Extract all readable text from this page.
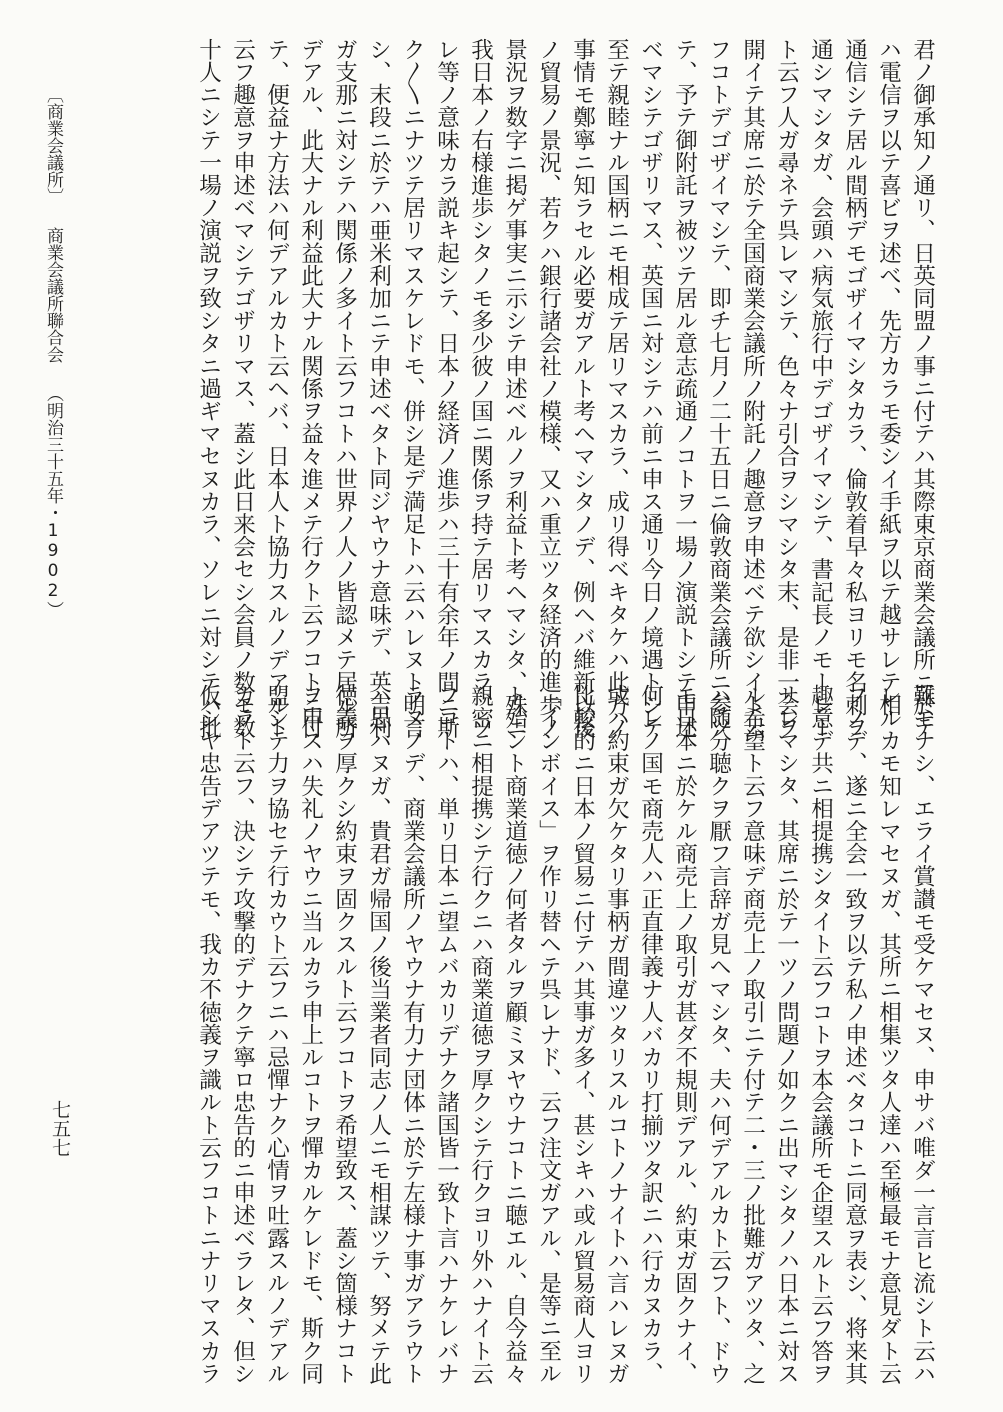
〔商業会議所〕商業会議所聯合会（明治三十五年・1902）
七五七
君ノ御承知ノ通リ、日英同盟ノ事ニ付テハ其際東京商業会議所ニ於テ
ハ電信ヲ以テ喜ビヲ述べ、先方カラモ委シイ手紙ヲ以テ越サレテ相
通信シテ居ル間柄デモゴザイマシタカラ、倫敦着早々私ヨリモ名刺ヲ
通シマシタガ、会頭ハ病気旅行中デゴザイマシテ、書記長ノモーレー
ト云フ人ガ尋ネテ呉レマシテ、色々ナ引合ヲシマシタ末、是非一会ヲ
開イテ其席ニ於テ全国商業会議所ノ附託ノ趣意ヲ申述ベテ欲シイト云
フコトデゴザイマシテ、即チ七月ノ二十五日ニ倫敦商業会議所ニ参ツ
テ、予テ御附託ヲ被ツテ居ル意志疏通ノコトヲ一場ノ演説トシテ申述
ベマシテゴザリマス、英国ニ対シテハ前ニ申ス通リ今日ノ境遇トシテ
至テ親睦ナル国柄ニモ相成テ居リマスカラ、成リ得ベキタケハ此方ノ
事情モ鄭寧ニ知ラセル必要ガアルト考ヘマシタノデ、例ヘバ維新以後
ノ貿易ノ景況、若クハ銀行諸会社ノ模様、又ハ重立ツタ経済的進歩ノ
景況ヲ数字ニ掲ゲ事実ニ示シテ申述ベルノヲ利益ト考ヘマシタ、殊ニ
我日本ノ右様進歩シタノモ多少彼ノ国ニ関係ヲ持テ居リマスカラ、ソ
レ等ノ意味カラ説キ起シテ、日本ノ経済ノ進歩ハ三十有余年ノ間ニ斯
ク〳〵ニナツテ居リマスケレドモ、併シ是デ満足トハ云ハレヌト明言
シ、末段ニ於テハ亜米利加ニテ申述ベタト同ジヤウナ意味デ、英吉利
ガ支那ニ対シテハ関係ノ多イト云フコトハ世界ノ人ノ皆認メテ居ル所
デアル、此大ナル利益此大ナル関係ヲ益々進メテ行クト云フコトニ付
テ、便益ナ方法ハ何デアルカト云ヘバ、日本人ト協力スルノデアルト
云フ趣意ヲ申述ベマシテゴザリマス、蓋シ此日来会セシ会員ノ数モ数
十人ニシテ一場ノ演説ヲ致シタニ過ギマセヌカラ、ソレニ対シテハ批
難モナシ、エライ賞讃モ受ケマセヌ、申サバ唯ダ一言言ヒ流シト云ハ
レルカモ知レマセヌガ、其所ニ相集ツタ人達ハ至極最モナ意見ダト云
フノデ、遂ニ全会一致ヲ以テ私ノ申述ベタコトニ同意ヲ表シ、将来其
趣意デ共ニ相提携シタイト云フコトヲ本会議所モ企望スルト云フ答ヲ
サレマシタ、其席ニ於テ一ツノ問題ノ如クニ出マシタノハ日本ニ対ス
ル希望ト云フ意味デ商売上ノ取引ニテ付テ二・三ノ批難ガアツタ、之
ハ随分聴クヲ厭フ言辞ガ見ヘマシタ、夫ハ何デアルカト云フト、ドウ
モ日本ニ於ケル商売上ノ取引ガ甚ダ不規則デアル、約束ガ固クナイ、
何レノ国モ商売人ハ正直律義ナ人バカリ打揃ツタ訳ニハ行カヌカラ、
或ハ約束ガ欠ケタリ事柄ガ間違ツタリスルコトノナイトハ言ハレヌガ
比較的ニ日本ノ貿易ニ付テハ其事ガ多イ、甚シキハ或ル貿易商人ヨリ
「インボイス」ヲ作リ替ヘテ呉レナド、云フ注文ガアル、是等ニ至ル
ト殆ント商業道徳ノ何者タルヲ顧ミヌヤウナコトニ聴エル、自今益々
親密ニ相提携シテ行クニハ商業道徳ヲ厚クシテ行クヨリ外ハナイト云
フコトハ、単リ日本ニ望ムバカリデナク諸国皆一致ト言ハナケレバナ
ラヌノデ、商業会議所ノヤウナ有力ナ団体ニ於テ左様ナ事ガアラウト
ハ思ハヌガ、貴君ガ帰国ノ後当業者同志ノ人ニモ相謀ツテ、努メテ此
徳義ヲ厚クシ約束ヲ固クスルト云フコトヲ希望致ス、蓋シ箇様ナコト
ヲ申スハ失礼ノヤウニ当ルカラ申上ルコトヲ憚カルケレドモ、斯ク同
盟シテ力ヲ協セテ行カウト云フニハ忌憚ナク心情ヲ吐露スルノデアル
カラト云フ、決シテ攻撃的デナクテ寧ロ忠告的ニ申述ベラレタ、但シ
仮シヤ忠告デアツテモ、我カ不徳義ヲ識ルト云フコトニナリマスカラ
